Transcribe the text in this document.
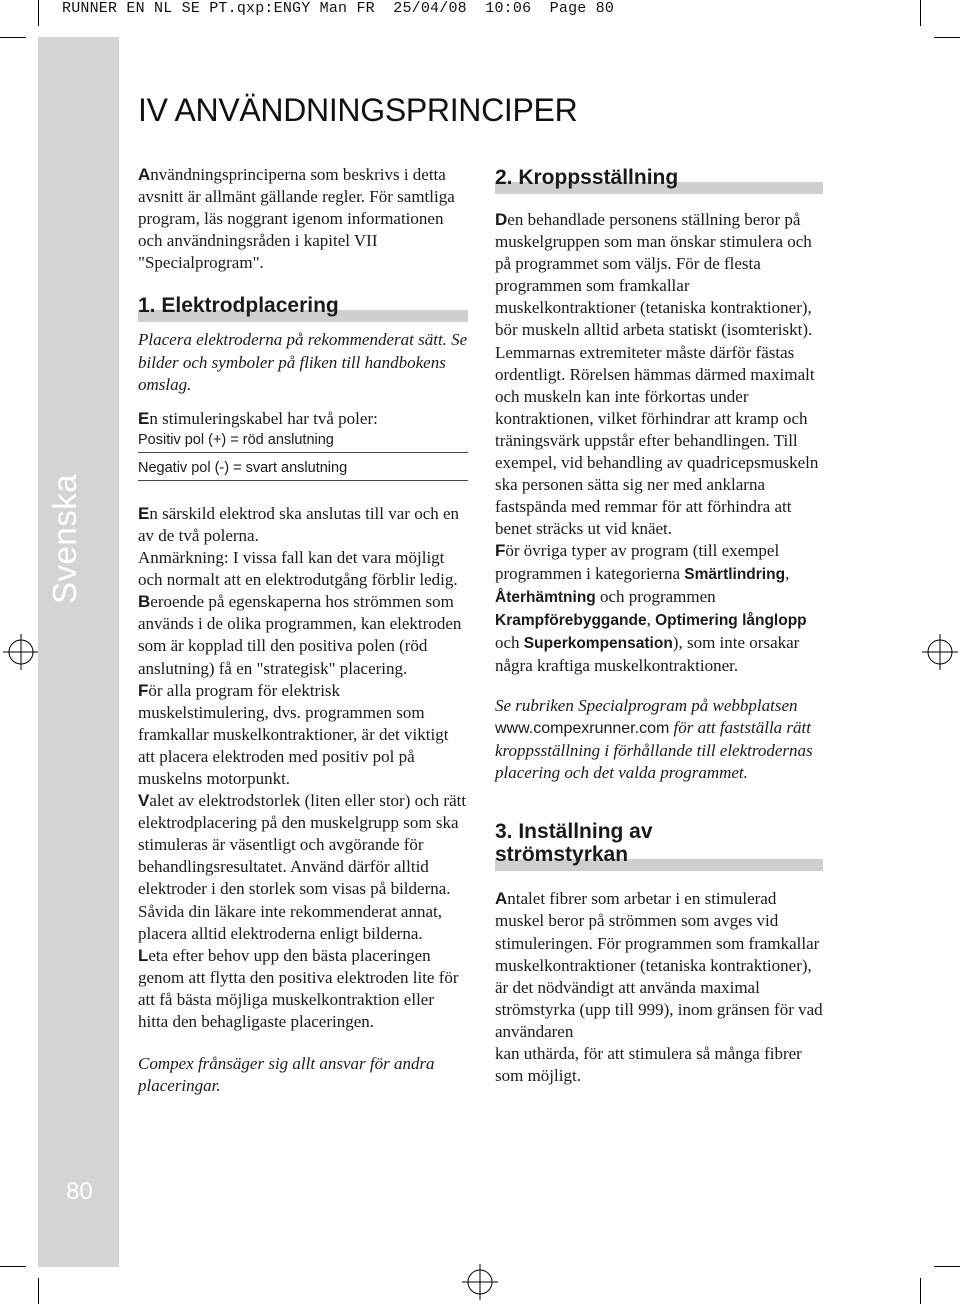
RUNNER EN NL SE PT.qxp:ENGY Man FR  25/04/08  10:06  Page 80
Svenska
80
IV ANVÄNDNINGSPRINCIPER

Användningsprinciperna som beskrivs i detta avsnitt är allmänt gällande regler. För samtliga program, läs noggrant igenom informationen och användningsråden i kapitel VII "Specialprogram".

1. Elektrodplacering

Placera elektroderna på rekommenderat sätt. Se bilder och symboler på fliken till handbokens omslag.

En stimuleringskabel har två poler:

Positiv pol (+) = röd anslutning
Negativ pol (-) = svart anslutning

En särskild elektrod ska anslutas till var och en av de två polerna.

Anmärkning: I vissa fall kan det vara möjligt och normalt att en elektrodutgång förblir ledig.

Beroende på egenskaperna hos strömmen som används i de olika programmen, kan elektroden som är kopplad till den positiva polen (röd anslutning) få en "strategisk" placering.

För alla program för elektrisk muskelstimulering, dvs. programmen som framkallar muskelkontraktioner, är det viktigt att placera elektroden med positiv pol på muskelns motorpunkt.

Valet av elektrodstorlek (liten eller stor) och rätt elektrodplacering på den muskelgrupp som ska stimuleras är väsentligt och avgörande för behandlingsresultatet. Använd därför alltid elektroder i den storlek som visas på bilderna. Såvida din läkare inte rekommenderat annat, placera alltid elektroderna enligt bilderna.

Leta efter behov upp den bästa placeringen genom att flytta den positiva elektroden lite för att få bästa möjliga muskelkontraktion eller hitta den behagligaste placeringen.

Compex frånsäger sig allt ansvar för andra placeringar.

2. Kroppsställning

Den behandlade personens ställning beror på muskelgruppen som man önskar stimulera och på programmet som väljs. För de flesta programmen som framkallar muskelkontraktioner (tetaniska kontraktioner), bör muskeln alltid arbeta statiskt (isomteriskt). Lemmarnas extremiteter måste därför fästas ordentligt. Rörelsen hämmas därmed maximalt och muskeln kan inte förkortas under kontraktionen, vilket förhindrar att kramp och träningsvärk uppstår efter behandlingen. Till exempel, vid behandling av quadricepsmuskeln ska personen sätta sig ner med anklarna fastspända med remmar för att förhindra att benet sträcks ut vid knäet.

För övriga typer av program (till exempel programmen i kategorierna Smärtlindring, Återhämtning och programmen Krampförebyggande, Optimering långlopp och Superkompensation), som inte orsakar några kraftiga muskelkontraktioner.

Se rubriken Specialprogram på webbplatsen www.compexrunner.com för att fastställa rätt kroppsställning i förhållande till elektrodernas placering och det valda programmet.

3. Inställning av
strömstyrkan

Antalet fibrer som arbetar i en stimulerad muskel beror på strömmen som avges vid stimuleringen. För programmen som framkallar muskelkontraktioner (tetaniska kontraktioner), är det nödvändigt att använda maximal strömstyrka (upp till 999), inom gränsen för vad användaren

kan uthärda, för att stimulera så många fibrer som möjligt.
